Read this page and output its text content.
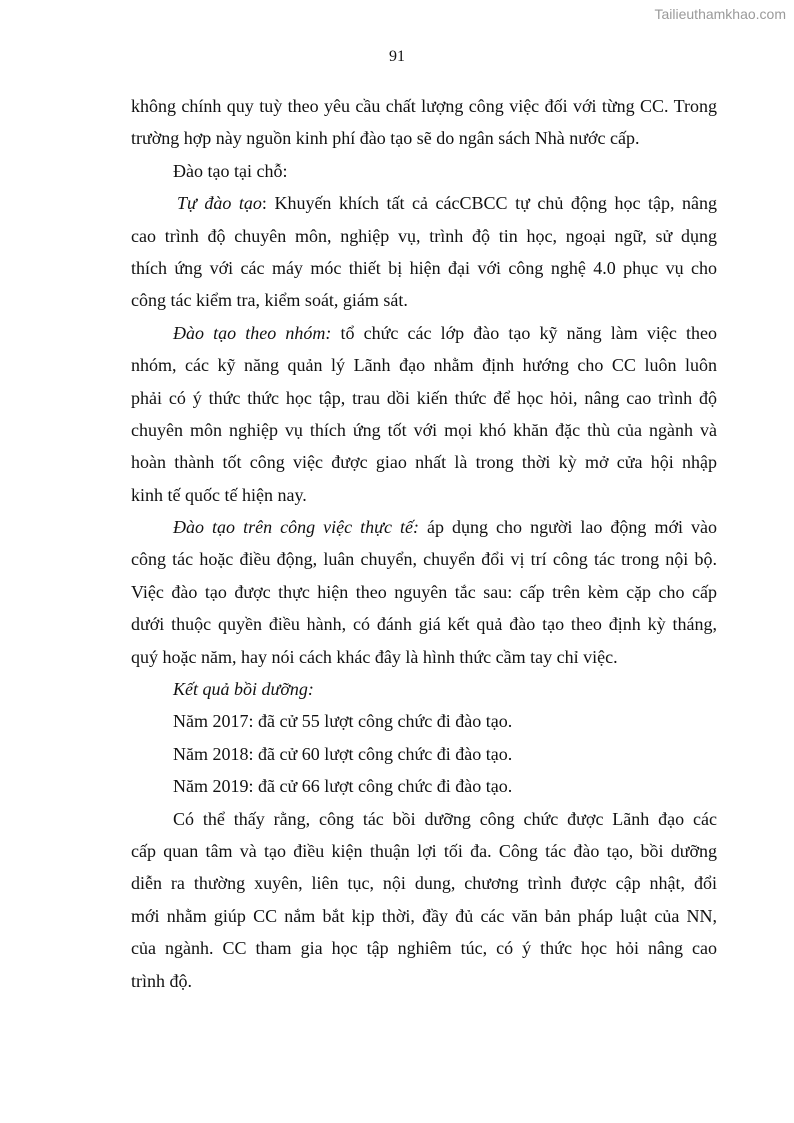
Tailieuthamkhao.com
91
không chính quy tuỳ theo yêu cầu chất lượng công việc đối với từng CC. Trong
trường hợp này nguồn kinh phí đào tạo sẽ do ngân sách Nhà nước cấp.
Đào tạo tại chỗ:
Tự đào tạo: Khuyến khích tất cả cácCBCC tự chủ động học tập, nâng
cao trình độ chuyên môn, nghiệp vụ, trình độ tin học, ngoại ngữ, sử dụng
thích ứng với các máy móc thiết bị hiện đại với công nghệ 4.0 phục vụ cho
công tác kiểm tra, kiểm soát, giám sát.
Đào tạo theo nhóm: tổ chức các lớp đào tạo kỹ năng làm việc theo
nhóm, các kỹ năng quản lý Lãnh đạo nhằm định hướng cho CC luôn luôn
phải có ý thức thức học tập, trau dồi kiến thức để học hỏi, nâng cao trình độ
chuyên môn nghiệp vụ thích ứng tốt với mọi khó khăn đặc thù của ngành và
hoàn thành tốt công việc được giao nhất là trong thời kỳ mở cửa hội nhập
kinh tế quốc tế hiện nay.
Đào tạo trên công việc thực tế: áp dụng cho người lao động mới vào
công tác hoặc điều động, luân chuyển, chuyển đổi vị trí công tác trong nội bộ.
Việc đào tạo được thực hiện theo nguyên tắc sau: cấp trên kèm cặp cho cấp
dưới thuộc quyền điều hành, có đánh giá kết quả đào tạo theo định kỳ tháng,
quý hoặc năm, hay nói cách khác đây là hình thức cầm tay chỉ việc.
Kết quả bồi dưỡng:
Năm 2017: đã cử 55 lượt công chức đi đào tạo.
Năm 2018: đã cử 60 lượt công chức đi đào tạo.
Năm 2019: đã cử 66 lượt công chức đi đào tạo.
Có thể thấy rằng, công tác bồi dưỡng công chức được Lãnh đạo các
cấp quan tâm và tạo điều kiện thuận lợi tối đa. Công tác đào tạo, bồi dưỡng
diễn ra thường xuyên, liên tục, nội dung, chương trình được cập nhật, đổi
mới nhằm giúp CC nắm bắt kịp thời, đầy đủ các văn bản pháp luật của NN,
của ngành. CC tham gia học tập nghiêm túc, có ý thức học hỏi nâng cao
trình độ.
